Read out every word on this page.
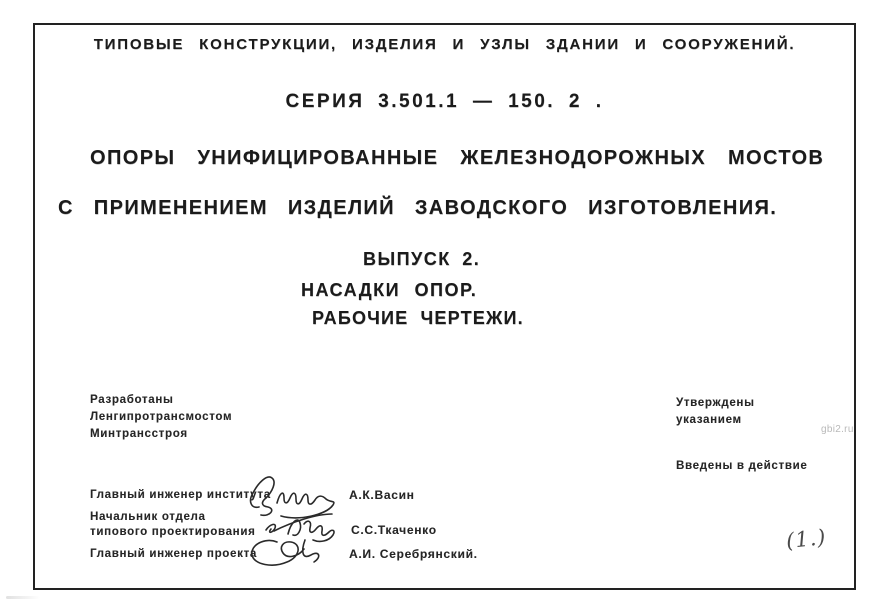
ТИПОВЫЕ КОНСТРУКЦИИ, ИЗДЕЛИЯ И УЗЛЫ ЗДАНИИ И СООРУЖЕНИЙ.
СЕРИЯ 3.501.1 — 150. 2 .
ОПОРЫ УНИФИЦИРОВАННЫЕ ЖЕЛЕЗНОДОРОЖНЫХ МОСТОВ
С ПРИМЕНЕНИЕМ ИЗДЕЛИЙ ЗАВОДСКОГО ИЗГОТОВЛЕНИЯ.
ВЫПУСК 2.
НАСАДКИ ОПОР.
РАБОЧИЕ ЧЕРТЕЖИ.
Разработаны
Ленгипротрансмостом
Минтрансстроя
Утверждены
указанием
Введены в действие
gbi2.ru
Главный инженер института	А.К.Васин
Начальник отдела
типового проектирования	С.С.Ткаченко
Главный инженер проекта	А.И. Серебрянский.
(1.)
